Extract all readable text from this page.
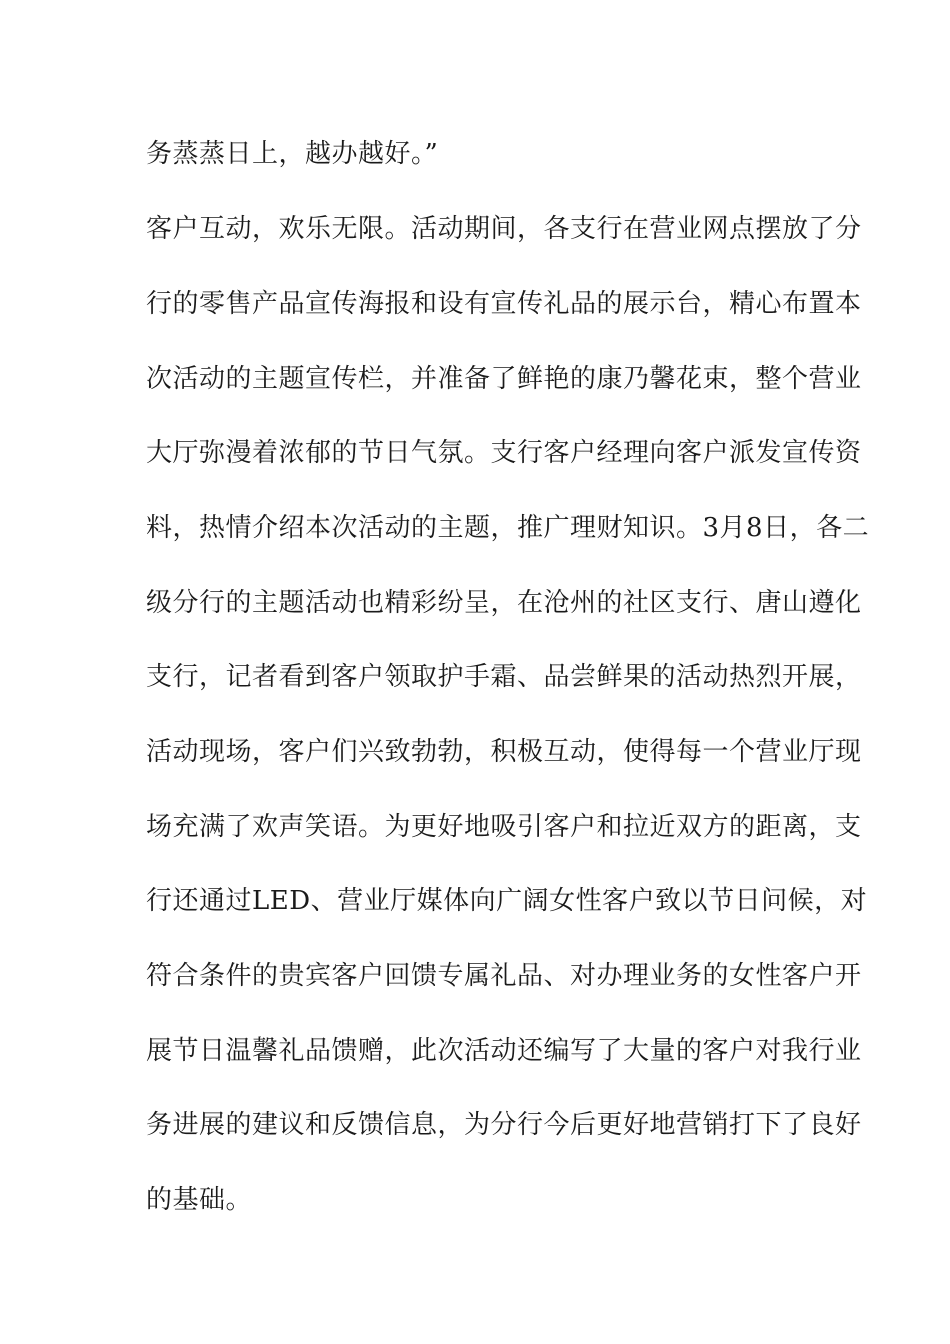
务蒸蒸日上，越办越好。”
客户互动，欢乐无限。活动期间，各支行在营业网点摆放了分
行的零售产品宣传海报和设有宣传礼品的展示台，精心布置本
次活动的主题宣传栏，并准备了鲜艳的康乃馨花束，整个营业
大厅弥漫着浓郁的节日气氛。支行客户经理向客户派发宣传资
料，热情介绍本次活动的主题，推广理财知识。3月8日，各二
级分行的主题活动也精彩纷呈，在沧州的社区支行、唐山遵化
支行，记者看到客户领取护手霜、品尝鲜果的活动热烈开展，
活动现场，客户们兴致勃勃，积极互动，使得每一个营业厅现
场充满了欢声笑语。为更好地吸引客户和拉近双方的距离，支
行还通过LED、营业厅媒体向广阔女性客户致以节日问候，对
符合条件的贵宾客户回馈专属礼品、对办理业务的女性客户开
展节日温馨礼品馈赠，此次活动还编写了大量的客户对我行业
务进展的建议和反馈信息，为分行今后更好地营销打下了良好
的基础。
